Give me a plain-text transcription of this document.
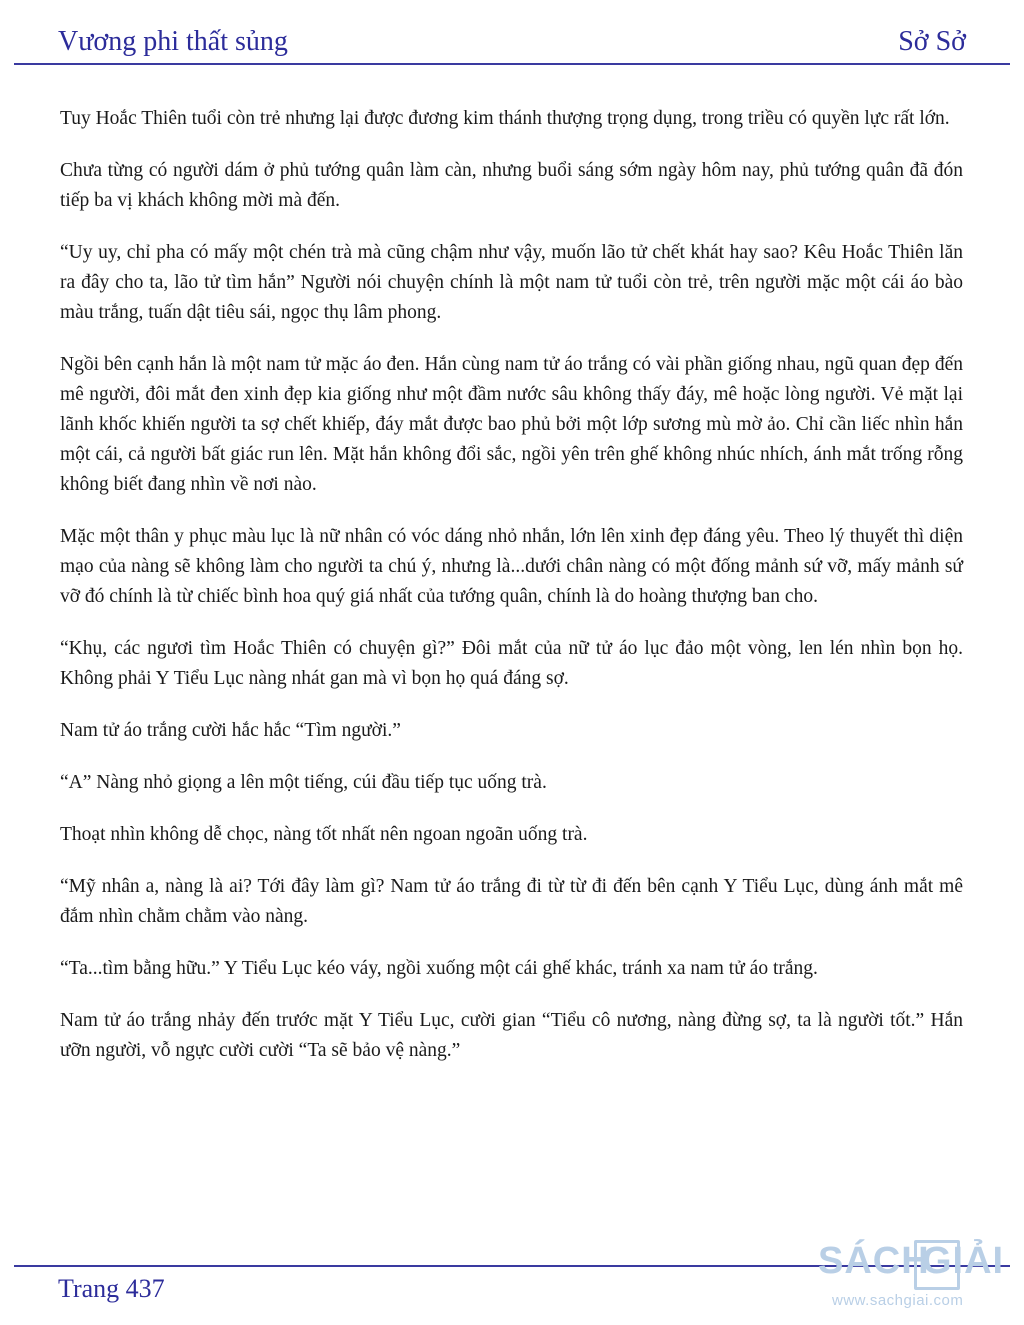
Vương phi thất sủng	Sở Sở

Tuy Hoắc Thiên tuổi còn trẻ nhưng lại được đương kim thánh thượng trọng dụng, trong triều có quyền lực rất lớn.

Chưa từng có người dám ở phủ tướng quân làm càn, nhưng buổi sáng sớm ngày hôm nay, phủ tướng quân đã đón tiếp ba vị khách không mời mà đến.

“Uy uy, chỉ pha có mấy một chén trà mà cũng chậm như vậy, muốn lão tử chết khát hay sao? Kêu Hoắc Thiên lăn ra đây cho ta, lão tử tìm hắn” Người nói chuyện chính là một nam tử tuổi còn trẻ, trên người mặc một cái áo bào màu trắng, tuấn dật tiêu sái, ngọc thụ lâm phong.

Ngồi bên cạnh hắn là một nam tử mặc áo đen. Hắn cùng nam tử áo trắng có vài phần giống nhau, ngũ quan đẹp đến mê người, đôi mắt đen xinh đẹp kia giống như một đầm nước sâu không thấy đáy, mê hoặc lòng người. Vẻ mặt lại lãnh khốc khiến người ta sợ chết khiếp, đáy mắt được bao phủ bởi một lớp sương mù mờ ảo. Chỉ cần liếc nhìn hắn một cái, cả người bất giác run lên. Mặt hắn không đổi sắc, ngồi yên trên ghế không nhúc nhích, ánh mắt trống rỗng không biết đang nhìn về nơi nào.

Mặc một thân y phục màu lục là nữ nhân có vóc dáng nhỏ nhắn, lớn lên xinh đẹp đáng yêu. Theo lý thuyết thì diện mạo của nàng sẽ không làm cho người ta chú ý, nhưng là...dưới chân nàng có một đống mảnh sứ vỡ, mấy mảnh sứ vỡ đó chính là từ chiếc bình hoa quý giá nhất của tướng quân, chính là do hoàng thượng ban cho.

“Khụ, các ngươi tìm Hoắc Thiên có chuyện gì?” Đôi mắt của nữ tử áo lục đảo một vòng, len lén nhìn bọn họ. Không phải Y Tiểu Lục nàng nhát gan mà vì bọn họ quá đáng sợ.

Nam tử áo trắng cười hắc hắc “Tìm người.”

“A” Nàng nhỏ giọng a lên một tiếng, cúi đầu tiếp tục uống trà.

Thoạt nhìn không dễ chọc, nàng tốt nhất nên ngoan ngoãn uống trà.

“Mỹ nhân a, nàng là ai? Tới đây làm gì? Nam tử áo trắng đi từ từ đi đến bên cạnh Y Tiểu Lục, dùng ánh mắt mê đắm nhìn chằm chằm vào nàng.

“Ta...tìm bằng hữu.” Y Tiểu Lục kéo váy, ngồi xuống một cái ghế khác, tránh xa nam tử áo trắng.

Nam tử áo trắng nhảy đến trước mặt Y Tiểu Lục, cười gian “Tiểu cô nương, nàng đừng sợ, ta là người tốt.” Hắn ưỡn người, vỗ ngực cười cười “Ta sẽ bảo vệ nàng.”

Trang 437
SÁCH
GIẢI
www.sachgiai.com
